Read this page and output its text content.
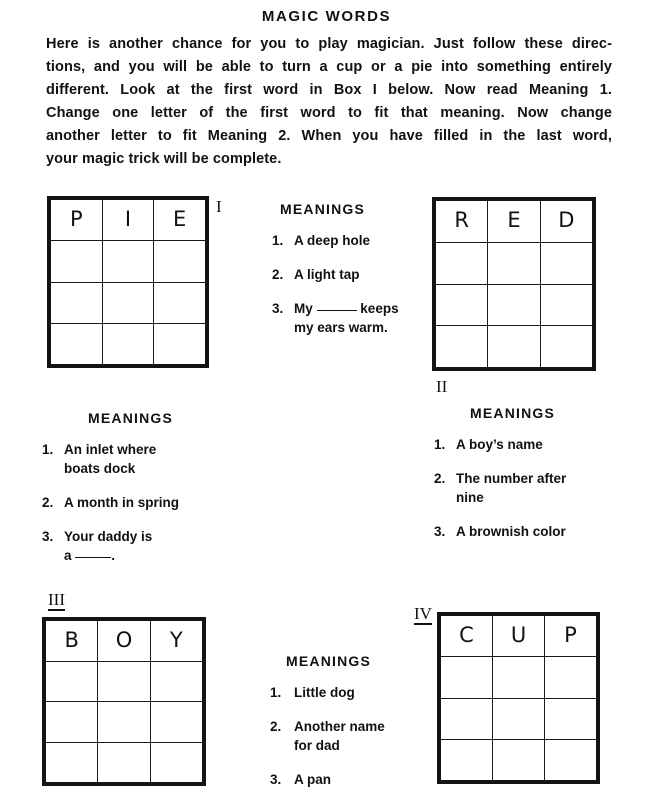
MAGIC WORDS
Here is another chance for you to play magician. Just follow these direc-
tions, and you will be able to turn a cup or a pie into something entirely
different. Look at the first word in Box I below. Now read Meaning 1.
Change one letter of the first word to fit that meaning. Now change
another letter to fit Meaning 2. When you have filled in the last word,
your magic trick will be complete.
P	I	E
I
R	E	D
II
B	O	Y
III
C	U	P
IV
MEANINGS
1. A deep hole
2. A light tap
3. My	keeps
my ears warm.
MEANINGS
1. A boy’s name
2. The number after
nine
3. A brownish color
MEANINGS
1. An inlet where
boats dock
2. A month in spring
3. Your daddy is
a	.
MEANINGS
1. Little dog
2. Another name
for dad
3. A pan
